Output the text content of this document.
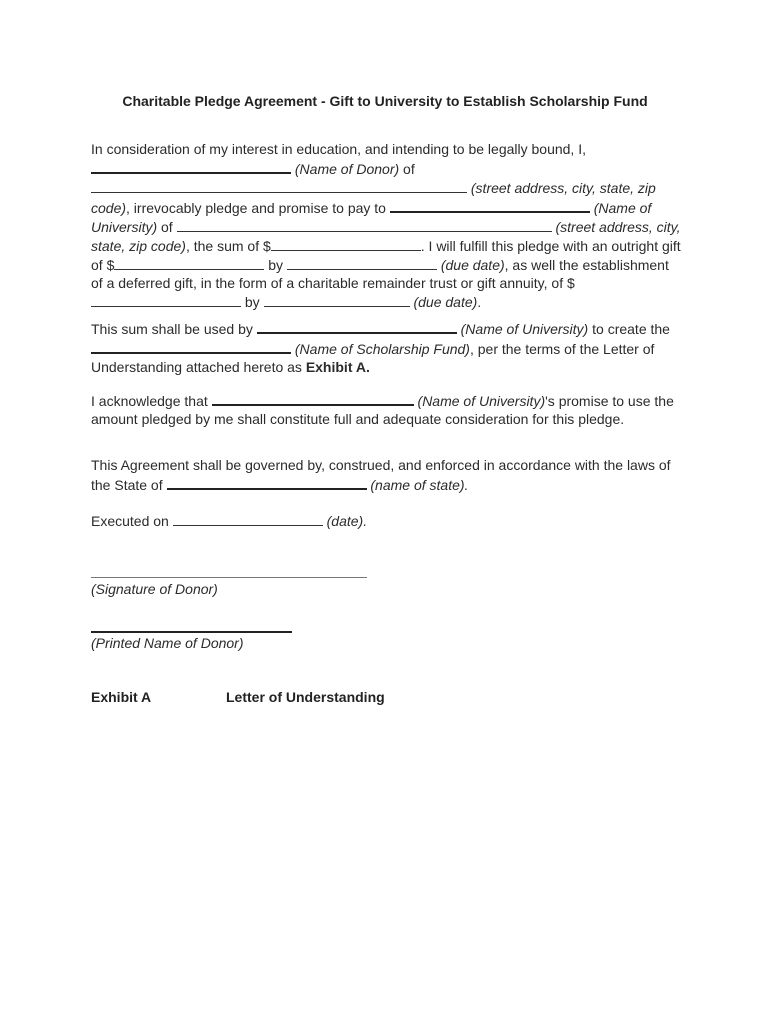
Charitable Pledge Agreement - Gift to University to Establish Scholarship Fund
In consideration of my interest in education, and intending to be legally bound, I,  (Name of Donor) of  (street address, city, state, zip code), irrevocably pledge and promise to pay to	(Name of University) of	(street address, city, state, zip code), the sum of $	. I will fulfill this pledge with an outright gift of $	by	(due date), as well the establishment of a deferred gift, in the form of a charitable remainder trust or gift annuity, of $ by	(due date).
This sum shall be used by	(Name of University) to create the  (Name of Scholarship Fund), per the terms of the Letter of Understanding attached hereto as Exhibit A.
I acknowledge that	(Name of University)'s promise to use the amount pledged by me shall constitute full and adequate consideration for this pledge.
This Agreement shall be governed by, construed, and enforced in accordance with the laws of the State of	(name of state).
Executed on	(date).
(Signature of Donor)
(Printed Name of Donor)
Exhibit A	Letter of Understanding
